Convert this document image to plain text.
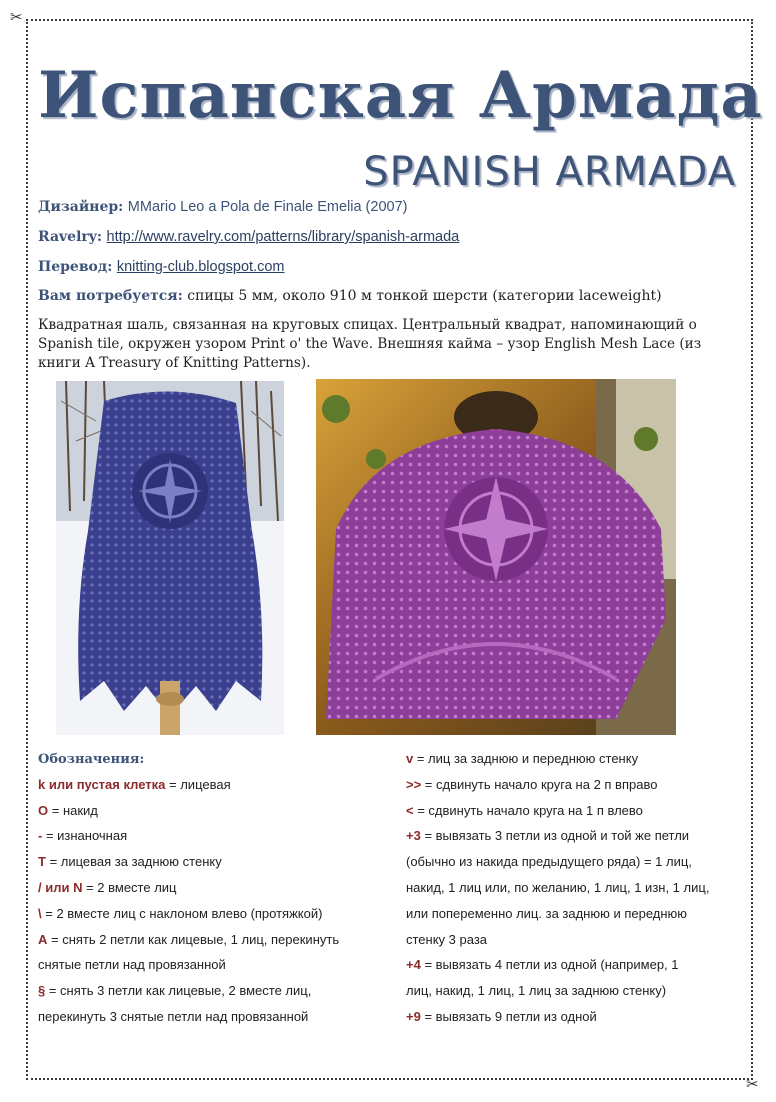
✂
✂
Испанская Армада
SPANISH ARMADA
Дизайнер: MMario Leo a Pola de Finale Emelia (2007)
Ravelry: http://www.ravelry.com/patterns/library/spanish-armada
Перевод: knitting-club.blogspot.com
Вам потребуется: спицы 5 мм, около 910 м тонкой шерсти (категории laceweight)
Квадратная шаль, связанная на круговых спицах. Центральный квадрат, напоминающий о Spanish tile, окружен узором Print o' the Wave. Внешняя кайма – узор English Mesh Lace (из книги A Treasury of Knitting Patterns).
Обозначения:
k или пустая клетка = лицевая
O = накид
- = изнаночная
T = лицевая за заднюю стенку
/ или N = 2 вместе лиц
\ = 2 вместе лиц с наклоном влево (протяжкой)
A = снять 2 петли как лицевые, 1 лиц, перекинуть
снятые петли над провязанной
§ = снять 3 петли как лицевые, 2 вместе лиц,
перекинуть 3 снятые петли над провязанной
v = лиц за заднюю и переднюю стенку
>> = сдвинуть начало круга на 2 п вправо
< = сдвинуть начало круга на 1 п влево
+3 = вывязать 3 петли из одной и той же петли
(обычно из накида предыдущего ряда) = 1 лиц,
накид, 1 лиц или, по желанию, 1 лиц, 1 изн, 1 лиц,
или попеременно лиц. за заднюю и переднюю
стенку 3 раза
+4 = вывязать 4 петли из одной (например, 1
лиц, накид, 1 лиц, 1 лиц за заднюю стенку)
+9 = вывязать 9 петли из одной
